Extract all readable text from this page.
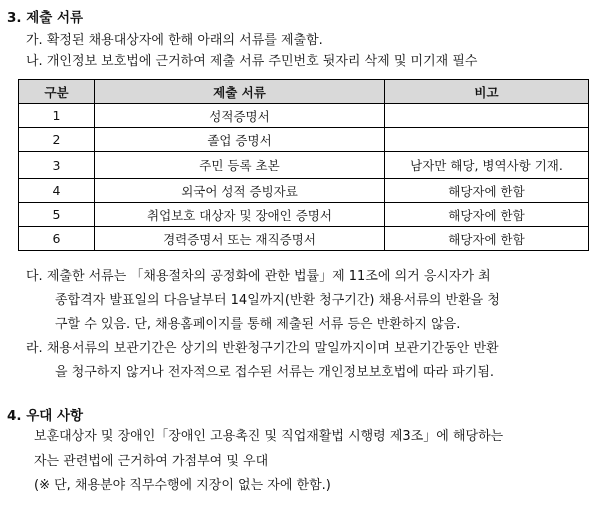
3. 제출 서류
가. 확정된 채용대상자에 한해 아래의 서류를 제출함.
나. 개인정보 보호법에 근거하여 제출 서류 주민번호 뒷자리 삭제 및 미기재 필수
구분	제출 서류	비고
1	성적증명서	
2	졸업 증명서	
3	주민 등록 초본	남자만 해당, 병역사항 기재.
4	외국어 성적 증빙자료	해당자에 한함
5	취업보호 대상자 및 장애인 증명서	해당자에 한함
6	경력증명서 또는 재직증명서	해당자에 한함
다. 제출한 서류는 「채용절차의 공정화에 관한 법률」제 11조에 의거 응시자가 최
종합격자 발표일의 다음날부터 14일까지(반환 청구기간) 채용서류의 반환을 청
구할 수 있음. 단, 채용홈페이지를 통해 제출된 서류 등은 반환하지 않음.
라. 채용서류의 보관기간은 상기의 반환청구기간의 말일까지이며 보관기간동안 반환
을 청구하지 않거나 전자적으로 접수된 서류는 개인정보보호법에 따라 파기됨.
4. 우대 사항
보훈대상자 및 장애인「장애인 고용촉진 및 직업재활법 시행령 제3조」에 해당하는
자는 관련법에 근거하여 가점부여 및 우대
(※ 단, 채용분야 직무수행에 지장이 없는 자에 한함.)
